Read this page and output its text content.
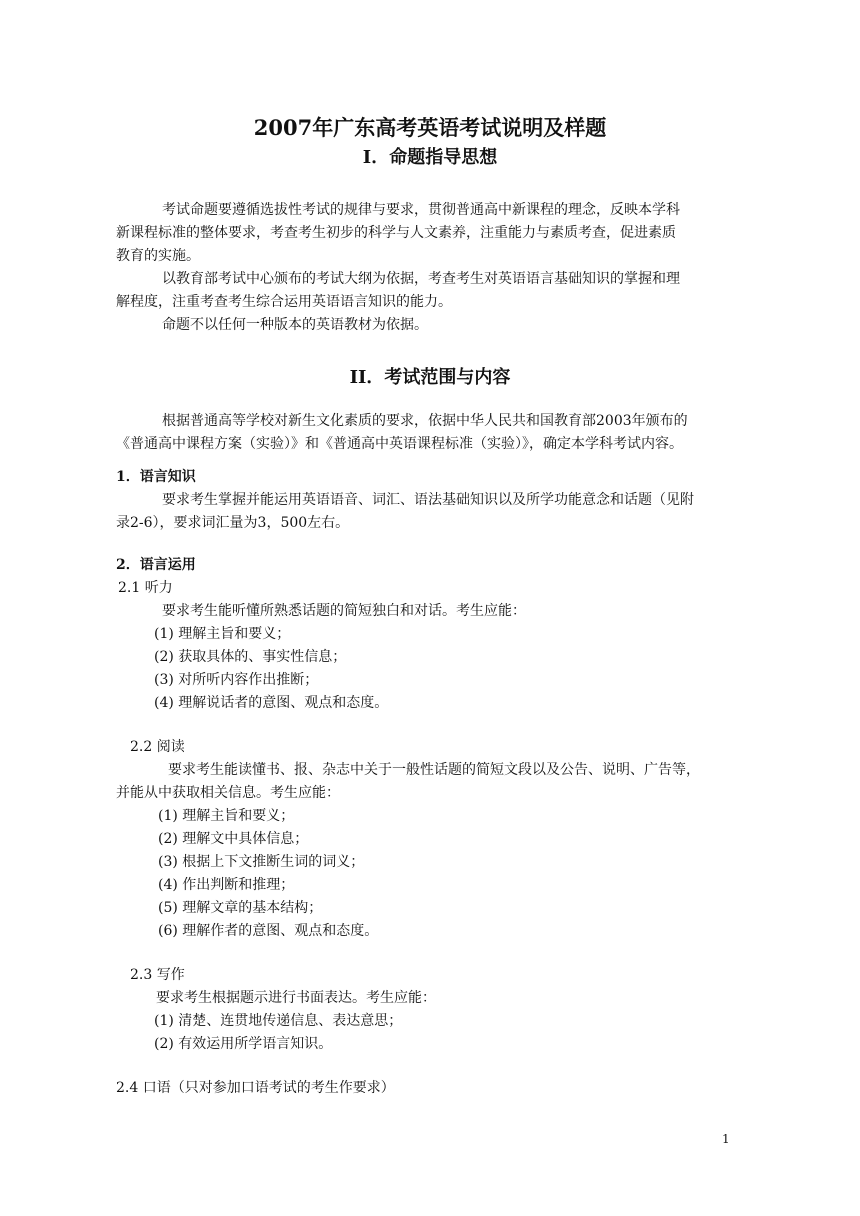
2007年广东高考英语考试说明及样题
I．命题指导思想

考试命题要遵循选拔性考试的规律与要求，贯彻普通高中新课程的理念，反映本学科

新课程标准的整体要求，考查考生初步的科学与人文素养，注重能力与素质考查，促进素质

教育的实施。

以教育部考试中心颁布的考试大纲为依据，考查考生对英语语言基础知识的掌握和理

解程度，注重考查考生综合运用英语语言知识的能力。

命题不以任何一种版本的英语教材为依据。

II．考试范围与内容

根据普通高等学校对新生文化素质的要求，依据中华人民共和国教育部2003年颁布的

《普通高中课程方案（实验）》和《普通高中英语课程标准（实验）》，确定本学科考试内容。

1．语言知识

要求考生掌握并能运用英语语音、词汇、语法基础知识以及所学功能意念和话题（见附

录2-6），要求词汇量为3，500左右。

2．语言运用

2.1 听力

要求考生能听懂所熟悉话题的简短独白和对话。考生应能：

(1) 理解主旨和要义；

(2) 获取具体的、事实性信息；

(3) 对所听内容作出推断；

(4) 理解说话者的意图、观点和态度。

2.2 阅读

要求考生能读懂书、报、杂志中关于一般性话题的简短文段以及公告、说明、广告等，

并能从中获取相关信息。考生应能：

(1) 理解主旨和要义；

(2) 理解文中具体信息；

(3) 根据上下文推断生词的词义；

(4) 作出判断和推理；

(5) 理解文章的基本结构；

(6) 理解作者的意图、观点和态度。

2.3 写作

要求考生根据题示进行书面表达。考生应能：

(1) 清楚、连贯地传递信息、表达意思；

(2) 有效运用所学语言知识。

2.4 口语（只对参加口语考试的考生作要求）

1
